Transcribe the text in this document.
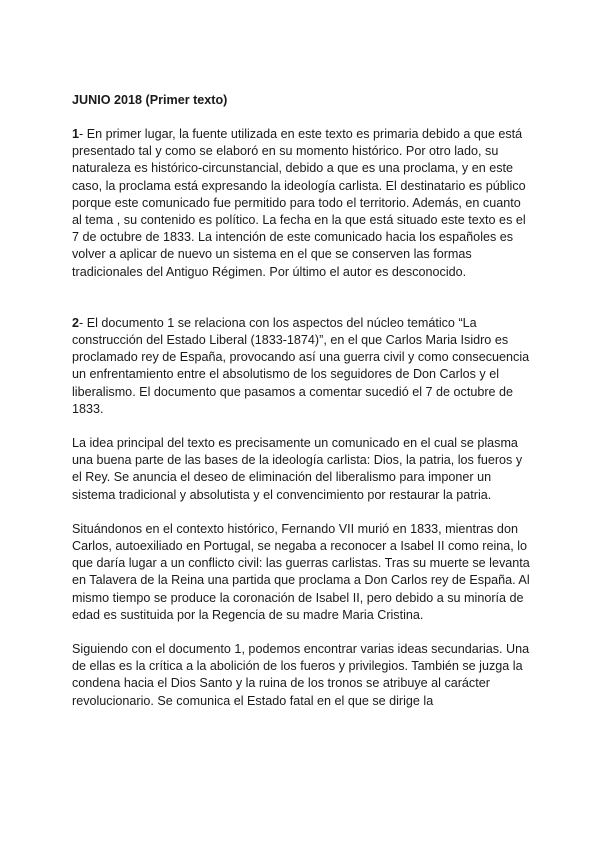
JUNIO 2018 (Primer texto)

1- En primer lugar, la fuente utilizada en este texto es primaria debido a que está presentado tal y como se elaboró en su momento histórico. Por otro lado, su naturaleza es histórico-circunstancial, debido a que es una proclama, y en este caso, la proclama está expresando la ideología carlista. El destinatario es público porque este comunicado fue permitido para todo el territorio. Además, en cuanto al tema , su contenido es político. La fecha en la que está situado este texto es el 7 de octubre de 1833. La intención de este comunicado hacia los españoles es volver a aplicar de nuevo un sistema en el que se conserven las formas tradicionales del Antiguo Régimen. Por último el autor es desconocido.

2- El documento 1 se relaciona con los aspectos del núcleo temático “La construcción del Estado Liberal (1833-1874)”, en el que Carlos Maria Isidro es proclamado rey de España, provocando así una guerra civil y como consecuencia un enfrentamiento entre el absolutismo de los seguidores de Don Carlos y el liberalismo. El documento que pasamos a comentar sucedió el 7 de octubre de 1833.

La idea principal del texto es precisamente un comunicado en el cual se plasma una buena parte de las bases de la ideología carlista: Dios, la patria, los fueros y el Rey. Se anuncia el deseo de eliminación del liberalismo para imponer un sistema tradicional y absolutista y el convencimiento por restaurar la patria.

Situándonos en el contexto histórico, Fernando VII murió en 1833, mientras don Carlos, autoexiliado en Portugal, se negaba a reconocer a Isabel II como reina, lo que daría lugar a un conflicto civil: las guerras carlistas. Tras su muerte se levanta en Talavera de la Reina una partida que proclama a Don Carlos rey de España. Al mismo tiempo se produce la coronación de Isabel II, pero debido a su minoría de edad es sustituida por la Regencia de su madre Maria Cristina.

Siguiendo con el documento 1, podemos encontrar varias ideas secundarias. Una de ellas es la crítica a la abolición de los fueros y privilegios. También se juzga la condena hacia el Dios Santo y la ruina de los tronos se atribuye al carácter revolucionario. Se comunica el Estado fatal en el que se dirige la
